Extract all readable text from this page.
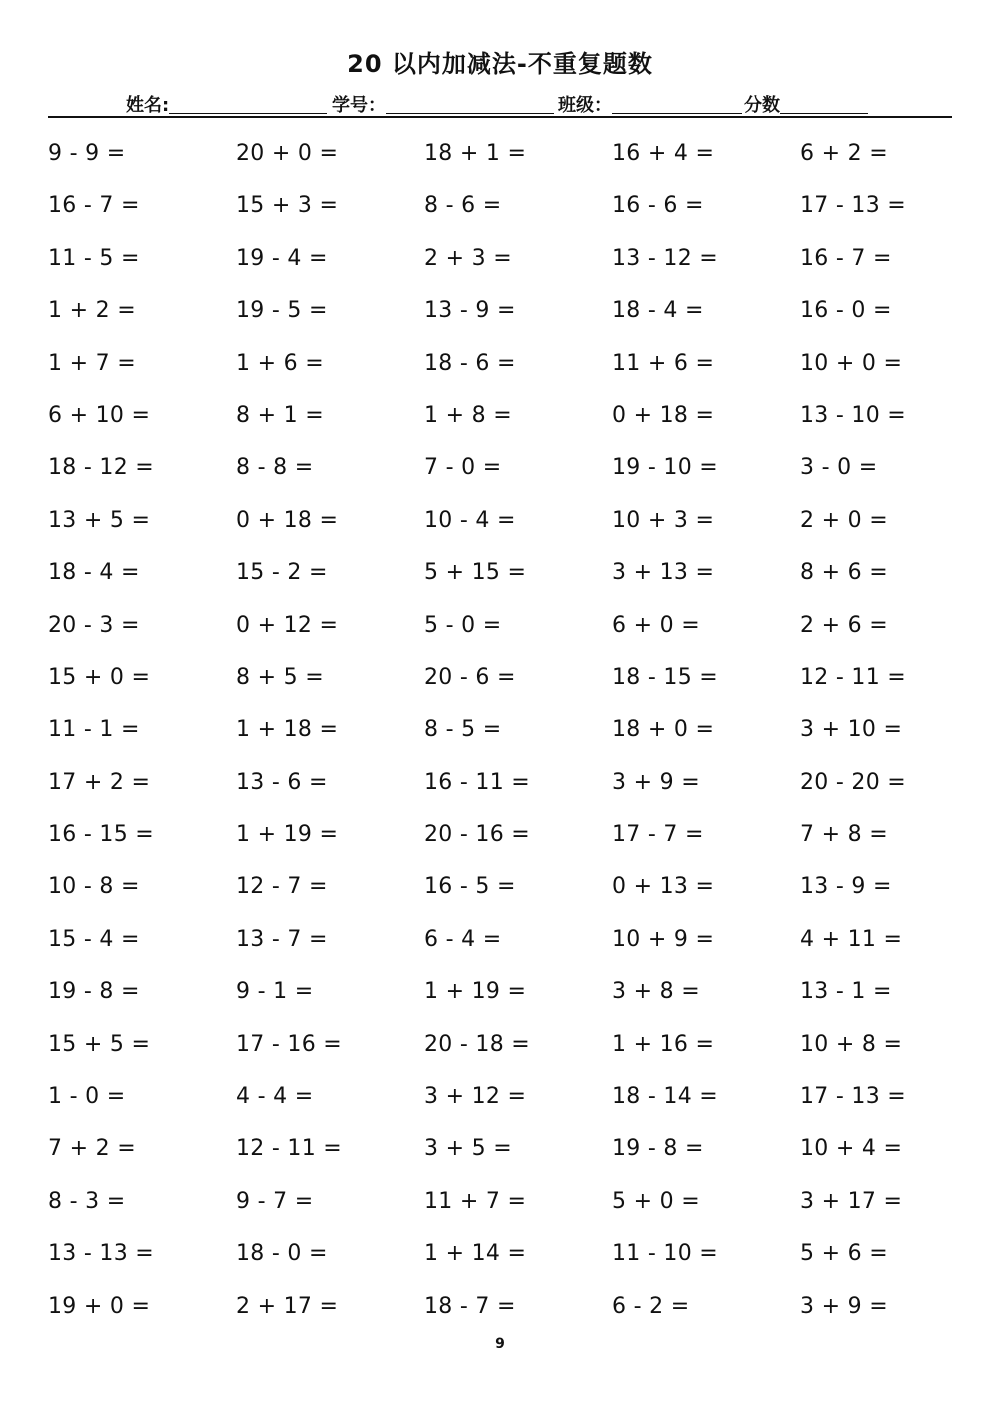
20 以内加减法-不重复题数
姓名:	学号：	班级：	分数
9 - 9 =	20 + 0 =	18 + 1 =	16 + 4 =	6 + 2 =
16 - 7 =	15 + 3 =	8 - 6 =	16 - 6 =	17 - 13 =
11 - 5 =	19 - 4 =	2 + 3 =	13 - 12 =	16 - 7 =
1 + 2 =	19 - 5 =	13 - 9 =	18 - 4 =	16 - 0 =
1 + 7 =	1 + 6 =	18 - 6 =	11 + 6 =	10 + 0 =
6 + 10 =	8 + 1 =	1 + 8 =	0 + 18 =	13 - 10 =
18 - 12 =	8 - 8 =	7 - 0 =	19 - 10 =	3 - 0 =
13 + 5 =	0 + 18 =	10 - 4 =	10 + 3 =	2 + 0 =
18 - 4 =	15 - 2 =	5 + 15 =	3 + 13 =	8 + 6 =
20 - 3 =	0 + 12 =	5 - 0 =	6 + 0 =	2 + 6 =
15 + 0 =	8 + 5 =	20 - 6 =	18 - 15 =	12 - 11 =
11 - 1 =	1 + 18 =	8 - 5 =	18 + 0 =	3 + 10 =
17 + 2 =	13 - 6 =	16 - 11 =	3 + 9 =	20 - 20 =
16 - 15 =	1 + 19 =	20 - 16 =	17 - 7 =	7 + 8 =
10 - 8 =	12 - 7 =	16 - 5 =	0 + 13 =	13 - 9 =
15 - 4 =	13 - 7 =	6 - 4 =	10 + 9 =	4 + 11 =
19 - 8 =	9 - 1 =	1 + 19 =	3 + 8 =	13 - 1 =
15 + 5 =	17 - 16 =	20 - 18 =	1 + 16 =	10 + 8 =
1 - 0 =	4 - 4 =	3 + 12 =	18 - 14 =	17 - 13 =
7 + 2 =	12 - 11 =	3 + 5 =	19 - 8 =	10 + 4 =
8 - 3 =	9 - 7 =	11 + 7 =	5 + 0 =	3 + 17 =
13 - 13 =	18 - 0 =	1 + 14 =	11 - 10 =	5 + 6 =
19 + 0 =	2 + 17 =	18 - 7 =	6 - 2 =	3 + 9 =
9
